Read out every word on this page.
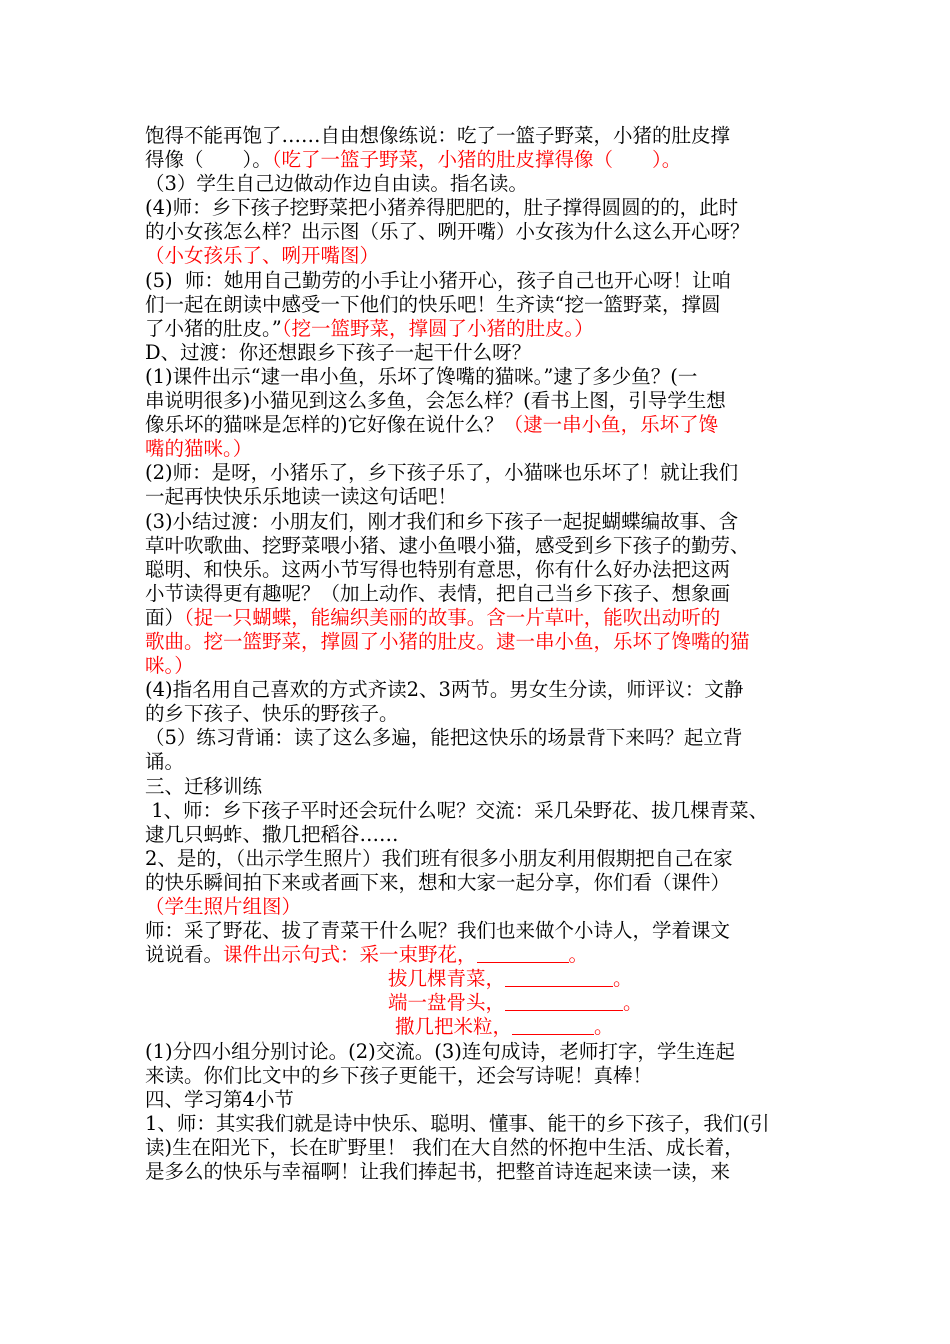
饱得不能再饱了……自由想像练说：吃了一篮子野菜，小猪的肚皮撑
得像（　　）。（吃了一篮子野菜，小猪的肚皮撑得像（　　）。
（3）学生自己边做动作边自由读。指名读。
(4)师：乡下孩子挖野菜把小猪养得肥肥的，肚子撑得圆圆的的，此时
的小女孩怎么样？出示图（乐了、咧开嘴）小女孩为什么这么开心呀？
（小女孩乐了、咧开嘴图）
(5)  师：她用自己勤劳的小手让小猪开心，孩子自己也开心呀！让咱
们一起在朗读中感受一下他们的快乐吧！生齐读“挖一篮野菜，撑圆
了小猪的肚皮。”（挖一篮野菜，撑圆了小猪的肚皮。）
D、过渡：你还想跟乡下孩子一起干什么呀？
(1)课件出示“逮一串小鱼，乐坏了馋嘴的猫咪。”逮了多少鱼？(一
串说明很多)小猫见到这么多鱼，会怎么样？(看书上图，引导学生想
像乐坏的猫咪是怎样的)它好像在说什么？（逮一串小鱼，乐坏了馋
嘴的猫咪。）
(2)师：是呀，小猪乐了，乡下孩子乐了，小猫咪也乐坏了！就让我们
一起再快快乐乐地读一读这句话吧！
(3)小结过渡：小朋友们，刚才我们和乡下孩子一起捉蝴蝶编故事、含
草叶吹歌曲、挖野菜喂小猪、逮小鱼喂小猫，感受到乡下孩子的勤劳、
聪明、和快乐。这两小节写得也特别有意思，你有什么好办法把这两
小节读得更有趣呢？（加上动作、表情，把自己当乡下孩子、想象画
面）（捉一只蝴蝶，能编织美丽的故事。含一片草叶，能吹出动听的
歌曲。挖一篮野菜，撑圆了小猪的肚皮。逮一串小鱼，乐坏了馋嘴的猫
咪。）
(4)指名用自己喜欢的方式齐读2、3两节。男女生分读，师评议：文静
的乡下孩子、快乐的野孩子。
（5）练习背诵：读了这么多遍，能把这快乐的场景背下来吗？起立背
诵。
三、迁移训练
1、师：乡下孩子平时还会玩什么呢？交流：采几朵野花、拔几棵青菜、
逮几只蚂蚱、撒几把稻谷……
2、是的，（出示学生照片）我们班有很多小朋友利用假期把自己在家
的快乐瞬间拍下来或者画下来，想和大家一起分享，你们看（课件）
（学生照片组图）
师：采了野花、拔了青菜干什么呢？我们也来做个小诗人，学着课文
说说看。课件出示句式：采一束野花，	。
拔几棵青菜，	。
端一盘骨头，	。
撒几把米粒，	。
(1)分四小组分别讨论。(2)交流。(3)连句成诗，老师打字，学生连起
来读。你们比文中的乡下孩子更能干，还会写诗呢！真棒！
四、学习第4小节
1、师：其实我们就是诗中快乐、聪明、懂事、能干的乡下孩子，我们(引
读)生在阳光下，长在旷野里！ 我们在大自然的怀抱中生活、成长着，
是多么的快乐与幸福啊！让我们捧起书，把整首诗连起来读一读，来
